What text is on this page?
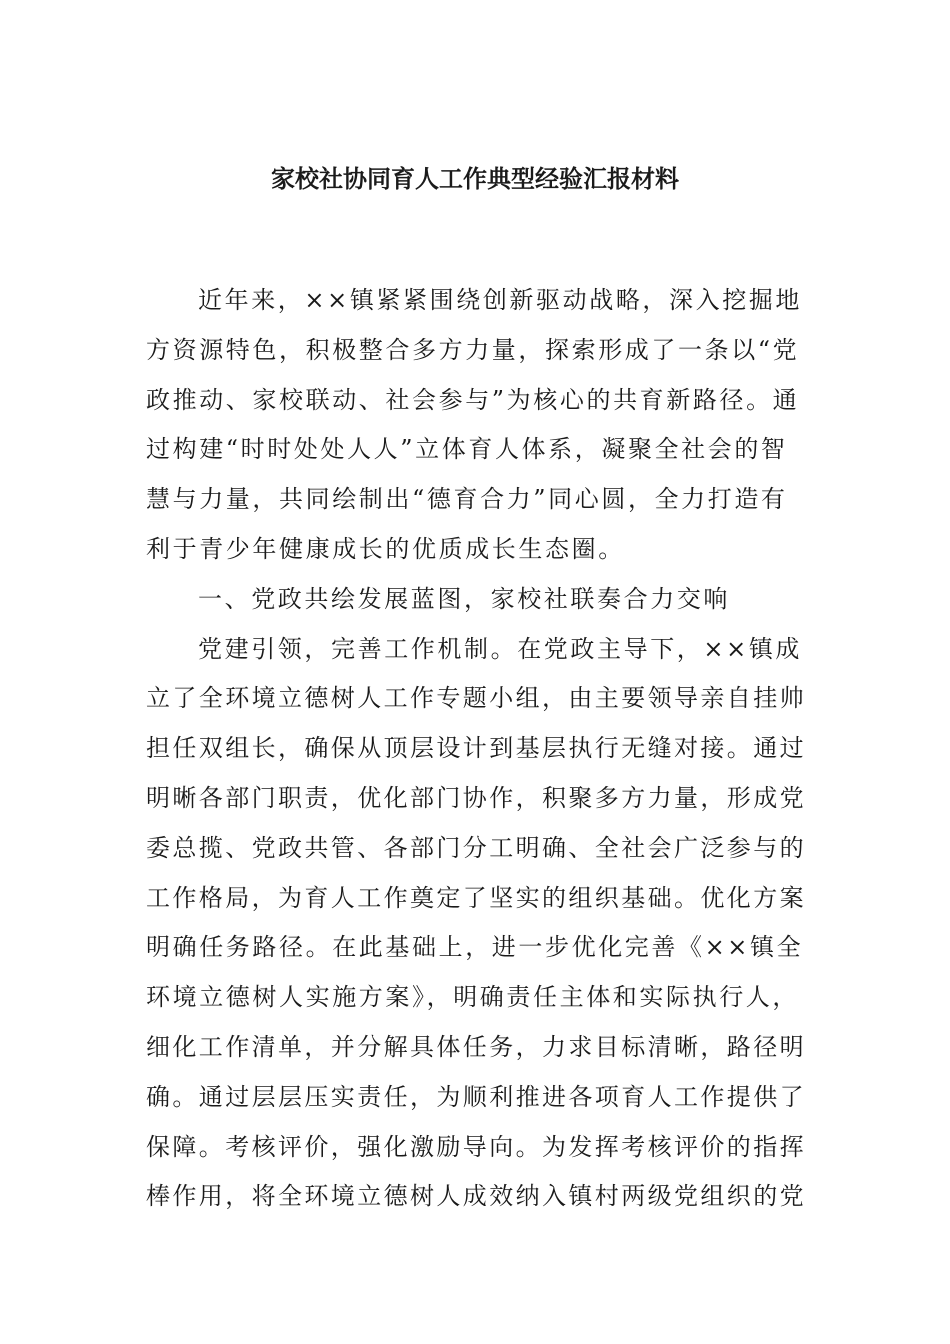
家校社协同育人工作典型经验汇报材料
近年来，××镇紧紧围绕创新驱动战略，深入挖掘地
方资源特色，积极整合多方力量，探索形成了一条以“党
政推动、家校联动、社会参与”为核心的共育新路径。通
过构建“时时处处人人”立体育人体系，凝聚全社会的智
慧与力量，共同绘制出“德育合力”同心圆，全力打造有
利于青少年健康成长的优质成长生态圈。
一、党政共绘发展蓝图，家校社联奏合力交响
党建引领，完善工作机制。在党政主导下，××镇成
立了全环境立德树人工作专题小组，由主要领导亲自挂帅
担任双组长，确保从顶层设计到基层执行无缝对接。通过
明晰各部门职责，优化部门协作，积聚多方力量，形成党
委总揽、党政共管、各部门分工明确、全社会广泛参与的
工作格局，为育人工作奠定了坚实的组织基础。优化方案
明确任务路径。在此基础上，进一步优化完善《××镇全
环境立德树人实施方案》，明确责任主体和实际执行人，
细化工作清单，并分解具体任务，力求目标清晰，路径明
确。通过层层压实责任，为顺利推进各项育人工作提供了
保障。考核评价，强化激励导向。为发挥考核评价的指挥
棒作用，将全环境立德树人成效纳入镇村两级党组织的党
